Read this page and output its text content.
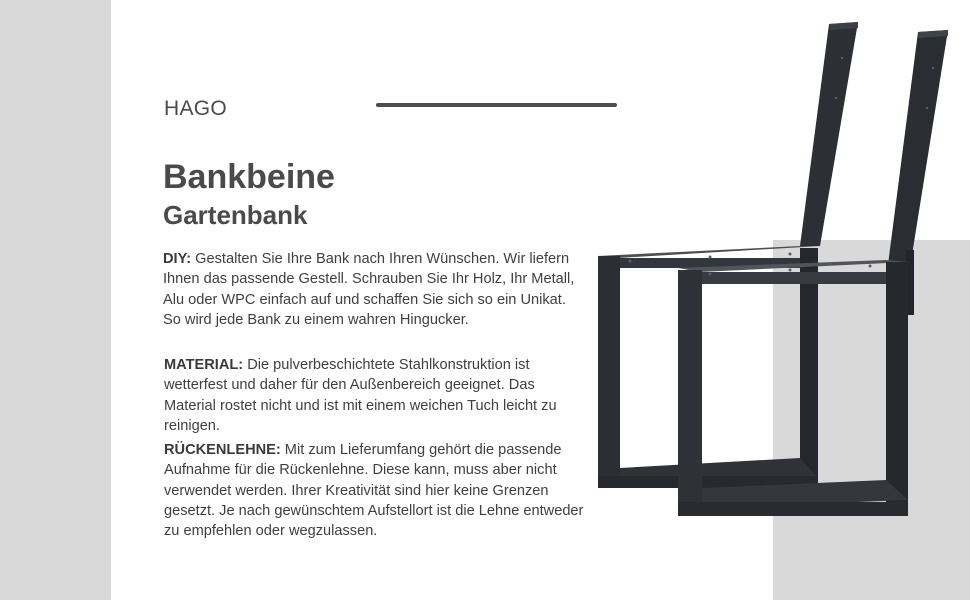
HAGO
Bankbeine
Gartenbank

DIY: Gestalten Sie Ihre Bank nach Ihren Wünschen. Wir liefern Ihnen das passende Gestell. Schrauben Sie Ihr Holz, Ihr Metall, Alu oder WPC einfach auf und schaffen Sie sich so ein Unikat. So wird jede Bank zu einem wahren Hingucker.

MATERIAL: Die pulverbeschichtete Stahlkonstruktion ist wetterfest und daher für den Außenbereich geeignet. Das Material rostet nicht und ist mit einem weichen Tuch leicht zu reinigen.

RÜCKENLEHNE: Mit zum Lieferumfang gehört die passende Aufnahme für die Rückenlehne. Diese kann, muss aber nicht verwendet werden. Ihrer Kreativität sind hier keine Grenzen gesetzt. Je nach gewünschtem Aufstellort ist die Lehne entweder zu empfehlen oder wegzulassen.
